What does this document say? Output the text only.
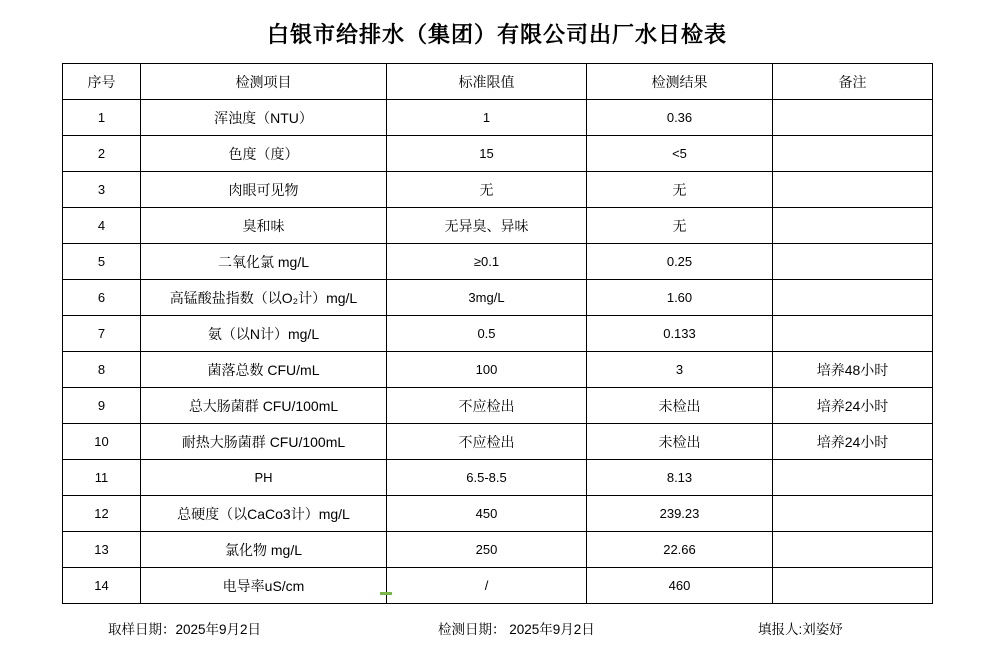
白银市给排水（集团）有限公司出厂水日检表
序号	检测项目	标准限值	检测结果	备注
1	浑浊度（NTU）	1	0.36	
2	色度（度）	15	<5	
3	肉眼可见物	无	无	
4	臭和味	无异臭、异味	无	
5	二氧化氯 mg/L	≥0.1	0.25	
6	高锰酸盐指数（以O₂计）mg/L	3mg/L	1.60	
7	氨（以N计）mg/L	0.5	0.133	
8	菌落总数 CFU/mL	100	3	培养48小时
9	总大肠菌群 CFU/100mL	不应检出	未检出	培养24小时
10	耐热大肠菌群 CFU/100mL	不应检出	未检出	培养24小时
11	PH	6.5-8.5	8.13	
12	总硬度（以CaCo3计）mg/L	450	239.23	
13	氯化物 mg/L	250	22.66	
14	电导率uS/cm	/	460	
取样日期：2025年9月2日	检测日期： 2025年9月2日	填报人:刘姿妤
